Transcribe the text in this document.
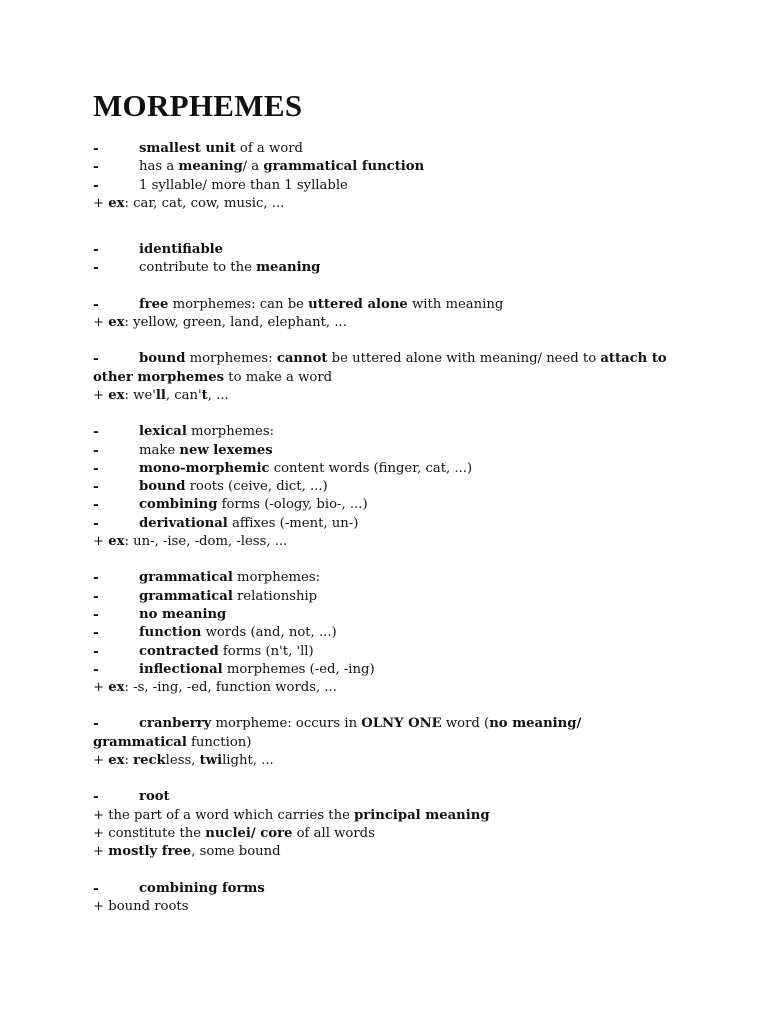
MORPHEMES
-	smallest unit of a word
-	has a meaning/ a grammatical function
-	1 syllable/ more than 1 syllable
+ ex: car, cat, cow, music, ...
-	identifiable
-	contribute to the meaning
-	free morphemes: can be uttered alone with meaning
+ ex: yellow, green, land, elephant, ...
-	bound morphemes: cannot be uttered alone with meaning/ need to attach to
other morphemes to make a word
+ ex: we'll, can't, ...
-	lexical morphemes:
-	make new lexemes
-	mono-morphemic content words (finger, cat, ...)
-	bound roots (ceive, dict, ...)
-	combining forms (-ology, bio-, ...)
-	derivational affixes (-ment, un-)
+ ex: un-, -ise, -dom, -less, ...
-	grammatical morphemes:
-	grammatical relationship
-	no meaning
-	function words (and, not, ...)
-	contracted forms (n't, 'll)
-	inflectional morphemes (-ed, -ing)
+ ex: -s, -ing, -ed, function words, ...
-	cranberry morpheme: occurs in OLNY ONE word (no meaning/
grammatical function)
+ ex: reckless, twilight, ...
-	root
+ the part of a word which carries the principal meaning
+ constitute the nuclei/ core of all words
+ mostly free, some bound
-	combining forms
+ bound roots
